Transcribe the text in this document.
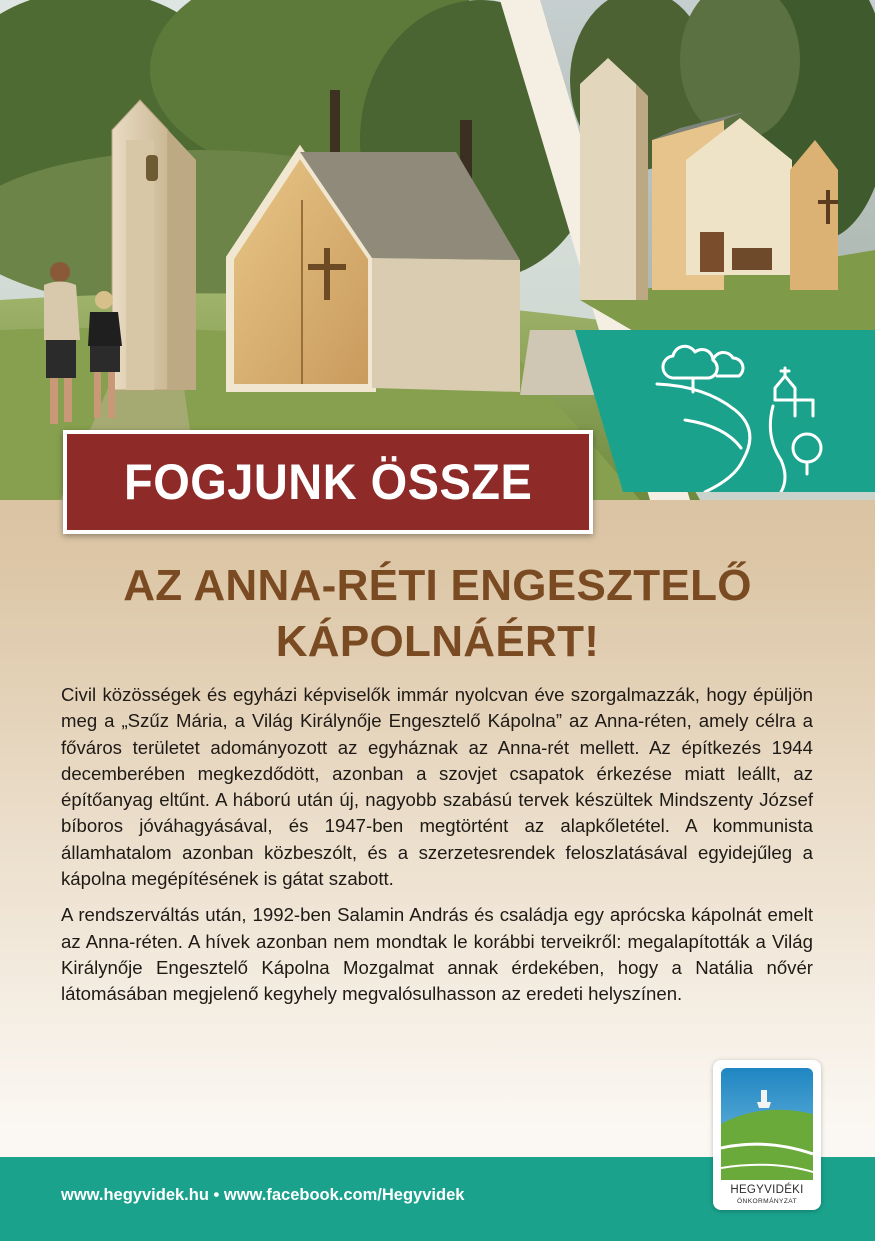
FOGJUNK ÖSSZE
AZ ANNA-RÉTI ENGESZTELŐ
KÁPOLNÁÉRT!

Civil közösségek és egyházi képviselők immár nyolcvan éve szorgalmazzák, hogy épüljön meg a „Szűz Mária, a Világ Királynője Engesztelő Kápolna” az Anna-réten, amely célra a főváros területet adományozott az egyháznak az Anna-rét mellett. Az építkezés 1944 decemberében megkezdődött, azonban a szovjet csapatok érkezése miatt leállt, az építőanyag eltűnt. A háború után új, nagyobb szabású tervek készültek Mindszenty József bíboros jóváhagyásával, és 1947-ben megtörtént az alapkőletétel. A kommunista államhatalom azonban közbeszólt, és a szerzetesrendek feloszlatásával egyidejűleg a kápolna megépítésének is gátat szabott.

A rendszerváltás után, 1992-ben Salamin András és családja egy aprócska kápolnát emelt az Anna-réten. A hívek azonban nem mondtak le korábbi terveikről: megalapították a Világ Királynője Engesztelő Kápolna Mozgalmat annak érdekében, hogy a Natália nővér látomásában megjelenő kegyhely megvalósulhasson az eredeti helyszínen.

www.hegyvidek.hu • www.facebook.com/Hegyvidek	HEGYVIDÉKI
ÖNKORMÁNYZAT
